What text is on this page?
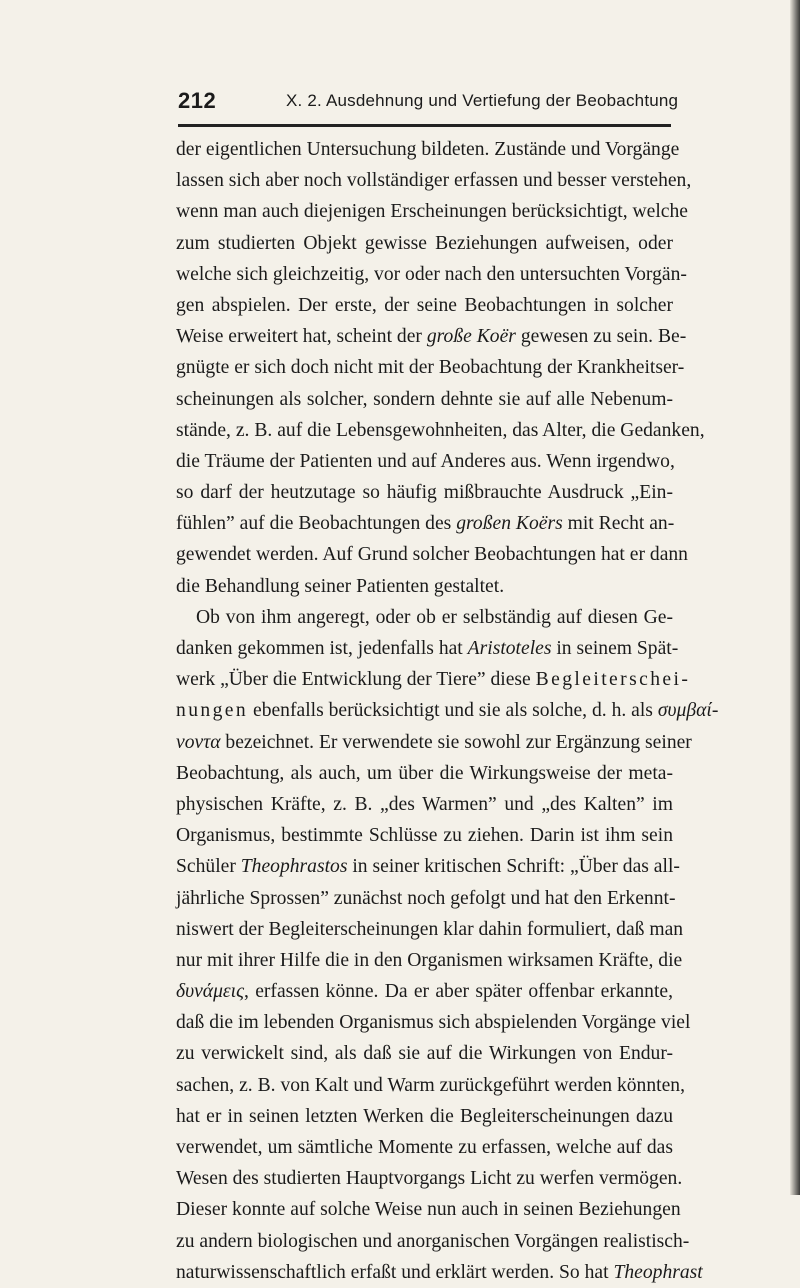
212	X. 2. Ausdehnung und Vertiefung der Beobachtung
der eigentlichen Untersuchung bildeten. Zustände und Vorgänge
lassen sich aber noch vollständiger erfassen und besser verstehen,
wenn man auch diejenigen Erscheinungen berücksichtigt, welche
zum studierten Objekt gewisse Beziehungen aufweisen, oder
welche sich gleichzeitig, vor oder nach den untersuchten Vorgän-
gen abspielen. Der erste, der seine Beobachtungen in solcher
Weise erweitert hat, scheint der große Koër gewesen zu sein. Be-
gnügte er sich doch nicht mit der Beobachtung der Krankheitser-
scheinungen als solcher, sondern dehnte sie auf alle Nebenum-
stände, z. B. auf die Lebensgewohnheiten, das Alter, die Gedanken,
die Träume der Patienten und auf Anderes aus. Wenn irgendwo,
so darf der heutzutage so häufig mißbrauchte Ausdruck „Ein-
fühlen” auf die Beobachtungen des großen Koërs mit Recht an-
gewendet werden. Auf Grund solcher Beobachtungen hat er dann
die Behandlung seiner Patienten gestaltet.
Ob von ihm angeregt, oder ob er selbständig auf diesen Ge-
danken gekommen ist, jedenfalls hat Aristoteles in seinem Spät-
werk „Über die Entwicklung der Tiere” diese Begleiterschei-
nungen ebenfalls berücksichtigt und sie als solche, d. h. als συμβαί-
νοντα bezeichnet. Er verwendete sie sowohl zur Ergänzung seiner
Beobachtung, als auch, um über die Wirkungsweise der meta-
physischen Kräfte, z. B. „des Warmen” und „des Kalten” im
Organismus, bestimmte Schlüsse zu ziehen. Darin ist ihm sein
Schüler Theophrastos in seiner kritischen Schrift: „Über das all-
jährliche Sprossen” zunächst noch gefolgt und hat den Erkennt-
niswert der Begleiterscheinungen klar dahin formuliert, daß man
nur mit ihrer Hilfe die in den Organismen wirksamen Kräfte, die
δυνάμεις, erfassen könne. Da er aber später offenbar erkannte,
daß die im lebenden Organismus sich abspielenden Vorgänge viel
zu verwickelt sind, als daß sie auf die Wirkungen von Endur-
sachen, z. B. von Kalt und Warm zurückgeführt werden könnten,
hat er in seinen letzten Werken die Begleiterscheinungen dazu
verwendet, um sämtliche Momente zu erfassen, welche auf das
Wesen des studierten Hauptvorgangs Licht zu werfen vermögen.
Dieser konnte auf solche Weise nun auch in seinen Beziehungen
zu andern biologischen und anorganischen Vorgängen realistisch-
naturwissenschaftlich erfaßt und erklärt werden. So hat Theophrast
